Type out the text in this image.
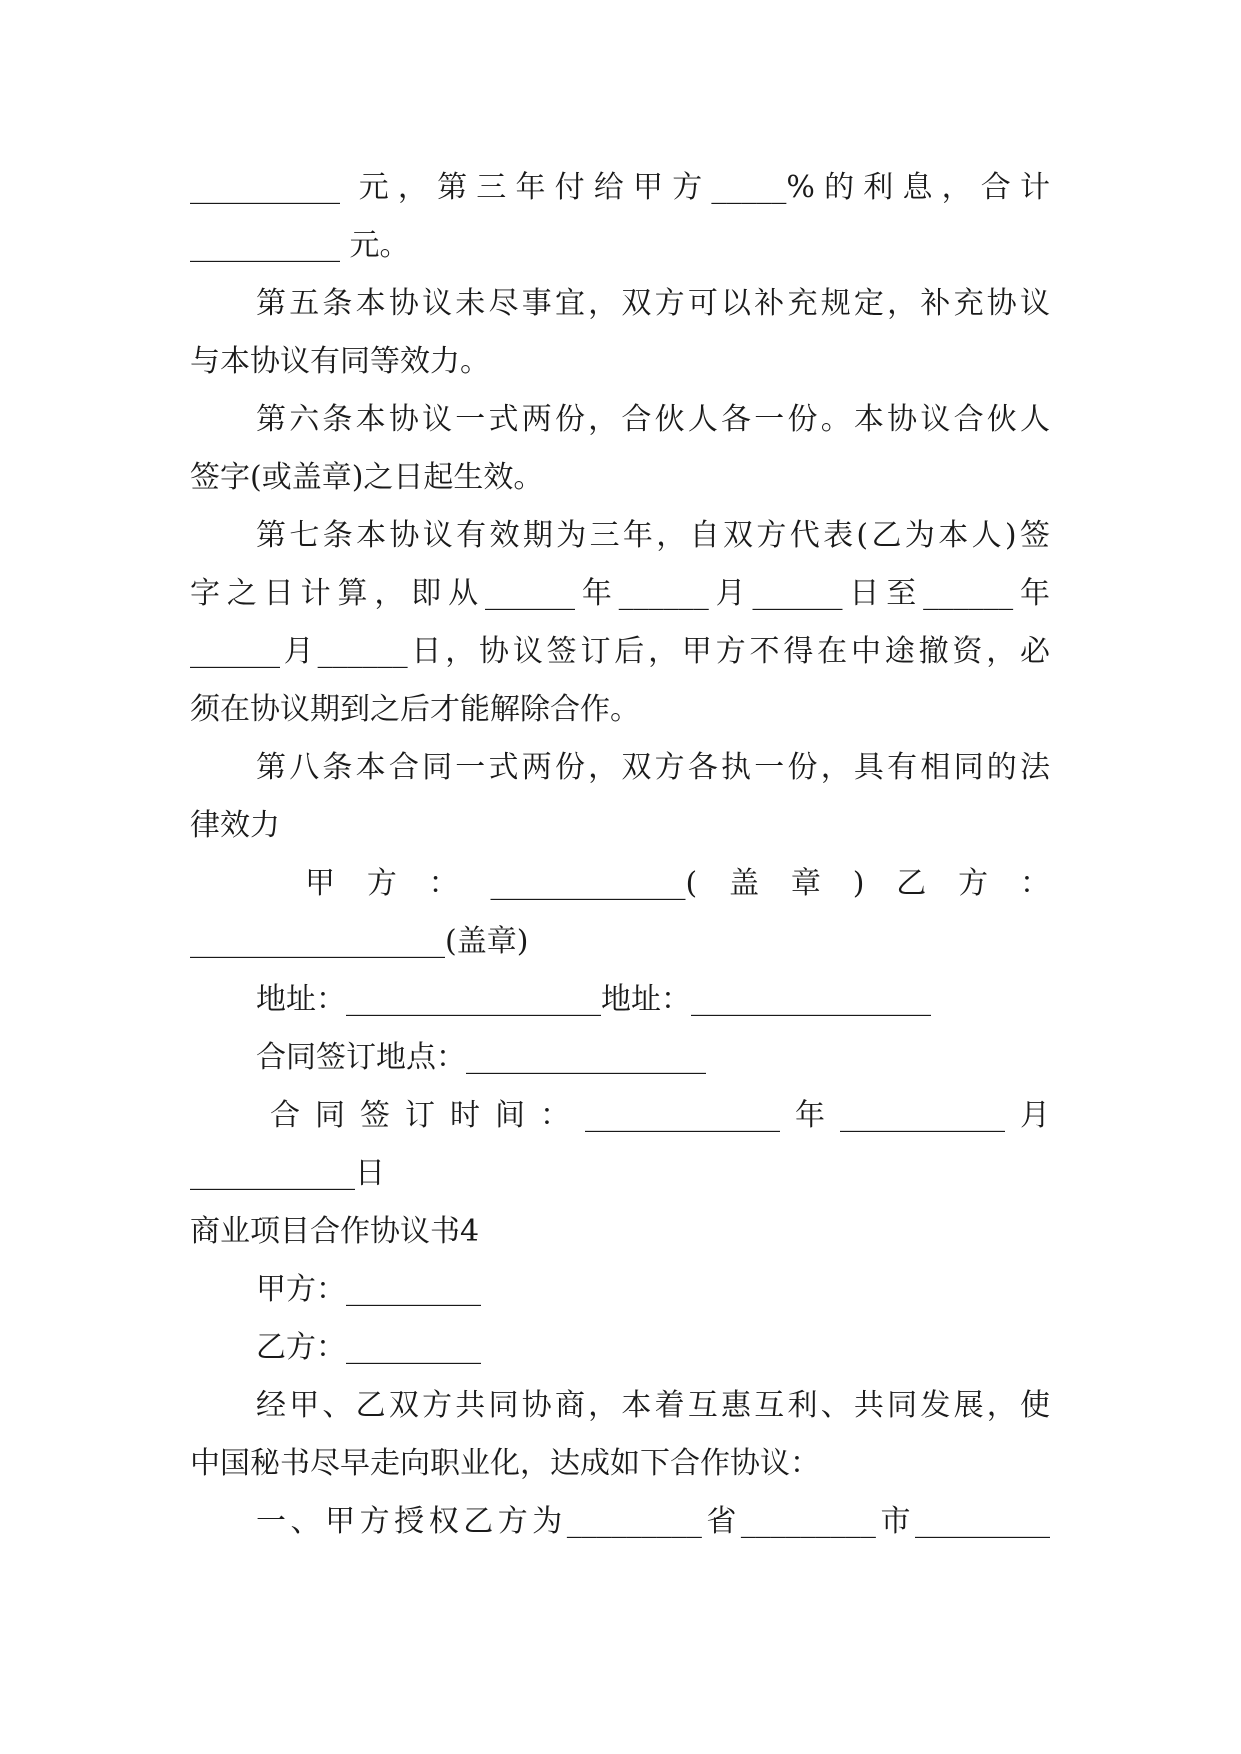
__________ 元，第三年付给甲方_____%的利息，合计
__________ 元。
第五条本协议未尽事宜，双方可以补充规定，补充协议
与本协议有同等效力。
第六条本协议一式两份，合伙人各一份。本协议合伙人
签字(或盖章)之日起生效。
第七条本协议有效期为三年，自双方代表(乙为本人)签
字之日计算，即从______年______月______日至______年
______月______日，协议签订后，甲方不得在中途撤资，必
须在协议期到之后才能解除合作。
第八条本合同一式两份，双方各执一份，具有相同的法
律效力
甲方：_____________(盖章)乙方：
_________________(盖章)
地址：_________________地址：________________
合同签订地点：________________
合同签订时间：_____________年___________月
___________日
商业项目合作协议书4
甲方：_________
乙方：_________
经甲、乙双方共同协商，本着互惠互利、共同发展，使
中国秘书尽早走向职业化，达成如下合作协议：
一、甲方授权乙方为_________省_________市_________
